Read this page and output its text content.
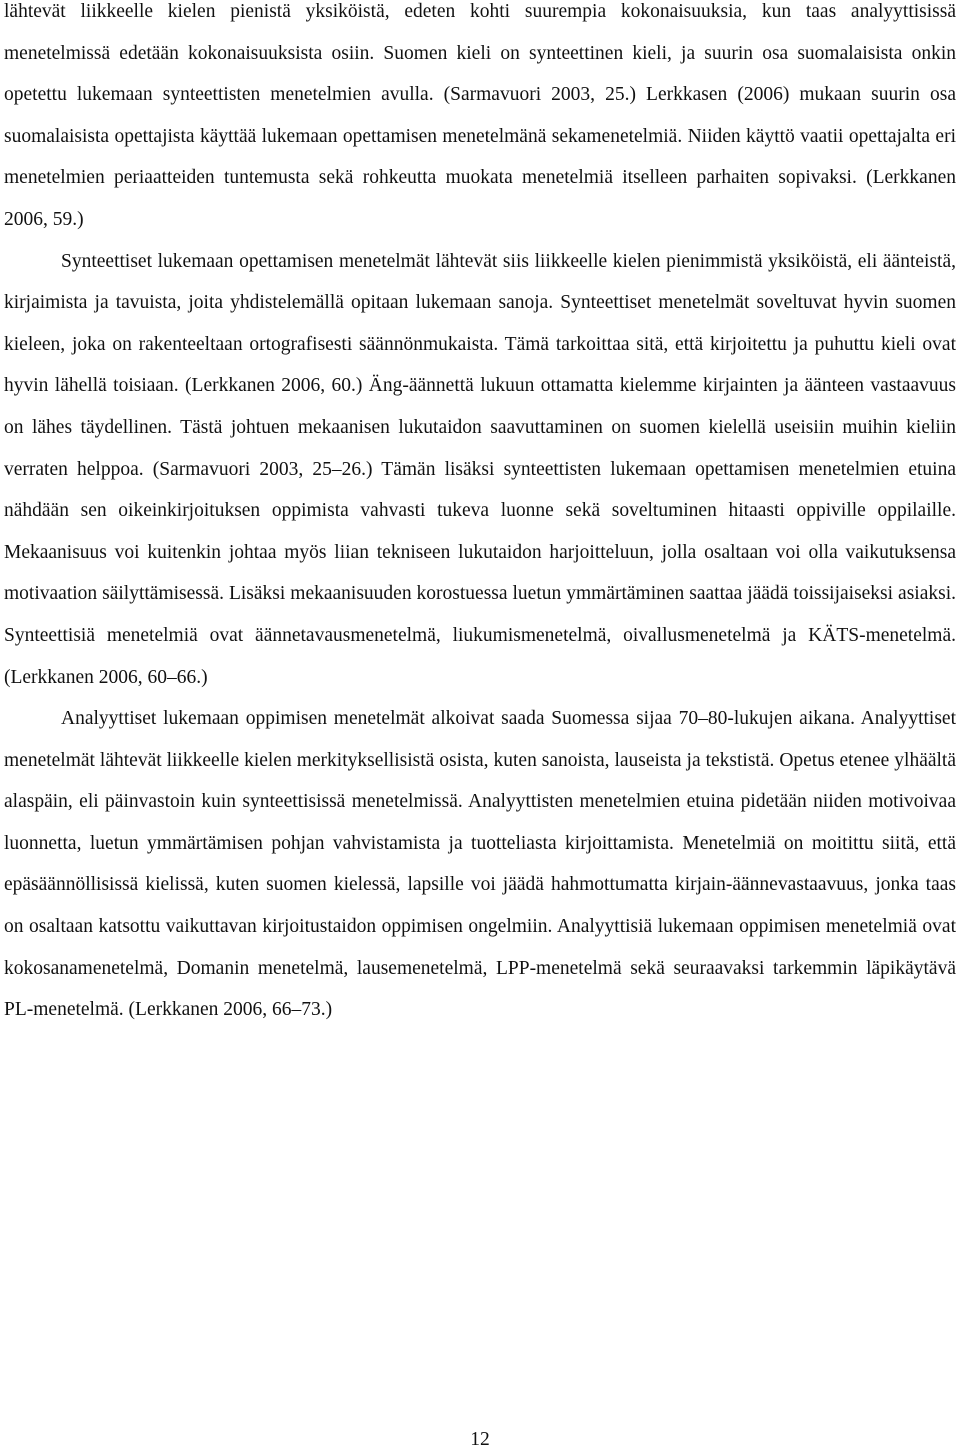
lähtevät liikkeelle kielen pienistä yksiköistä, edeten kohti suurempia kokonaisuuksia, kun taas analyyttisissä menetelmissä edetään kokonaisuuksista osiin. Suomen kieli on synteettinen kieli, ja suurin osa suomalaisista onkin opetettu lukemaan synteettisten menetelmien avulla. (Sarmavuori 2003, 25.) Lerkkasen (2006) mukaan suurin osa suomalaisista opettajista käyttää lukemaan opettamisen menetelmänä sekamenetelmiä. Niiden käyttö vaatii opettajalta eri menetelmien periaatteiden tuntemusta sekä rohkeutta muokata menetelmiä itselleen parhaiten sopivaksi. (Lerkkanen 2006, 59.)

Synteettiset lukemaan opettamisen menetelmät lähtevät siis liikkeelle kielen pienimmistä yksiköistä, eli äänteistä, kirjaimista ja tavuista, joita yhdistelemällä opitaan lukemaan sanoja. Synteettiset menetelmät soveltuvat hyvin suomen kieleen, joka on rakenteeltaan ortografisesti säännönmukaista. Tämä tarkoittaa sitä, että kirjoitettu ja puhuttu kieli ovat hyvin lähellä toisiaan. (Lerkkanen 2006, 60.) Äng-äännettä lukuun ottamatta kielemme kirjainten ja äänteen vastaavuus on lähes täydellinen. Tästä johtuen mekaanisen lukutaidon saavuttaminen on suomen kielellä useisiin muihin kieliin verraten helppoa. (Sarmavuori 2003, 25–26.) Tämän lisäksi synteettisten lukemaan opettamisen menetelmien etuina nähdään sen oikeinkirjoituksen oppimista vahvasti tukeva luonne sekä soveltuminen hitaasti oppiville oppilaille. Mekaanisuus voi kuitenkin johtaa myös liian tekniseen lukutaidon harjoitteluun, jolla osaltaan voi olla vaikutuksensa motivaation säilyttämisessä. Lisäksi mekaanisuuden korostuessa luetun ymmärtäminen saattaa jäädä toissijaiseksi asiaksi. Synteettisiä menetelmiä ovat äännetavausmenetelmä, liukumismenetelmä, oivallusmenetelmä ja KÄTS-menetelmä. (Lerkkanen 2006, 60–66.)

Analyyttiset lukemaan oppimisen menetelmät alkoivat saada Suomessa sijaa 70–80-lukujen aikana. Analyyttiset menetelmät lähtevät liikkeelle kielen merkityksellisistä osista, kuten sanoista, lauseista ja tekstistä. Opetus etenee ylhäältä alaspäin, eli päinvastoin kuin synteettisissä menetelmissä. Analyyttisten menetelmien etuina pidetään niiden motivoivaa luonnetta, luetun ymmärtämisen pohjan vahvistamista ja tuotteliasta kirjoittamista. Menetelmiä on moitittu siitä, että epäsäännöllisissä kielissä, kuten suomen kielessä, lapsille voi jäädä hahmottumatta kirjain-äännevastaavuus, jonka taas on osaltaan katsottu vaikuttavan kirjoitustaidon oppimisen ongelmiin. Analyyttisiä lukemaan oppimisen menetelmiä ovat kokosanamenetelmä, Domanin menetelmä, lausemenetelmä, LPP-menetelmä sekä seuraavaksi tarkemmin läpikäytävä PL-menetelmä. (Lerkkanen 2006, 66–73.)

12
